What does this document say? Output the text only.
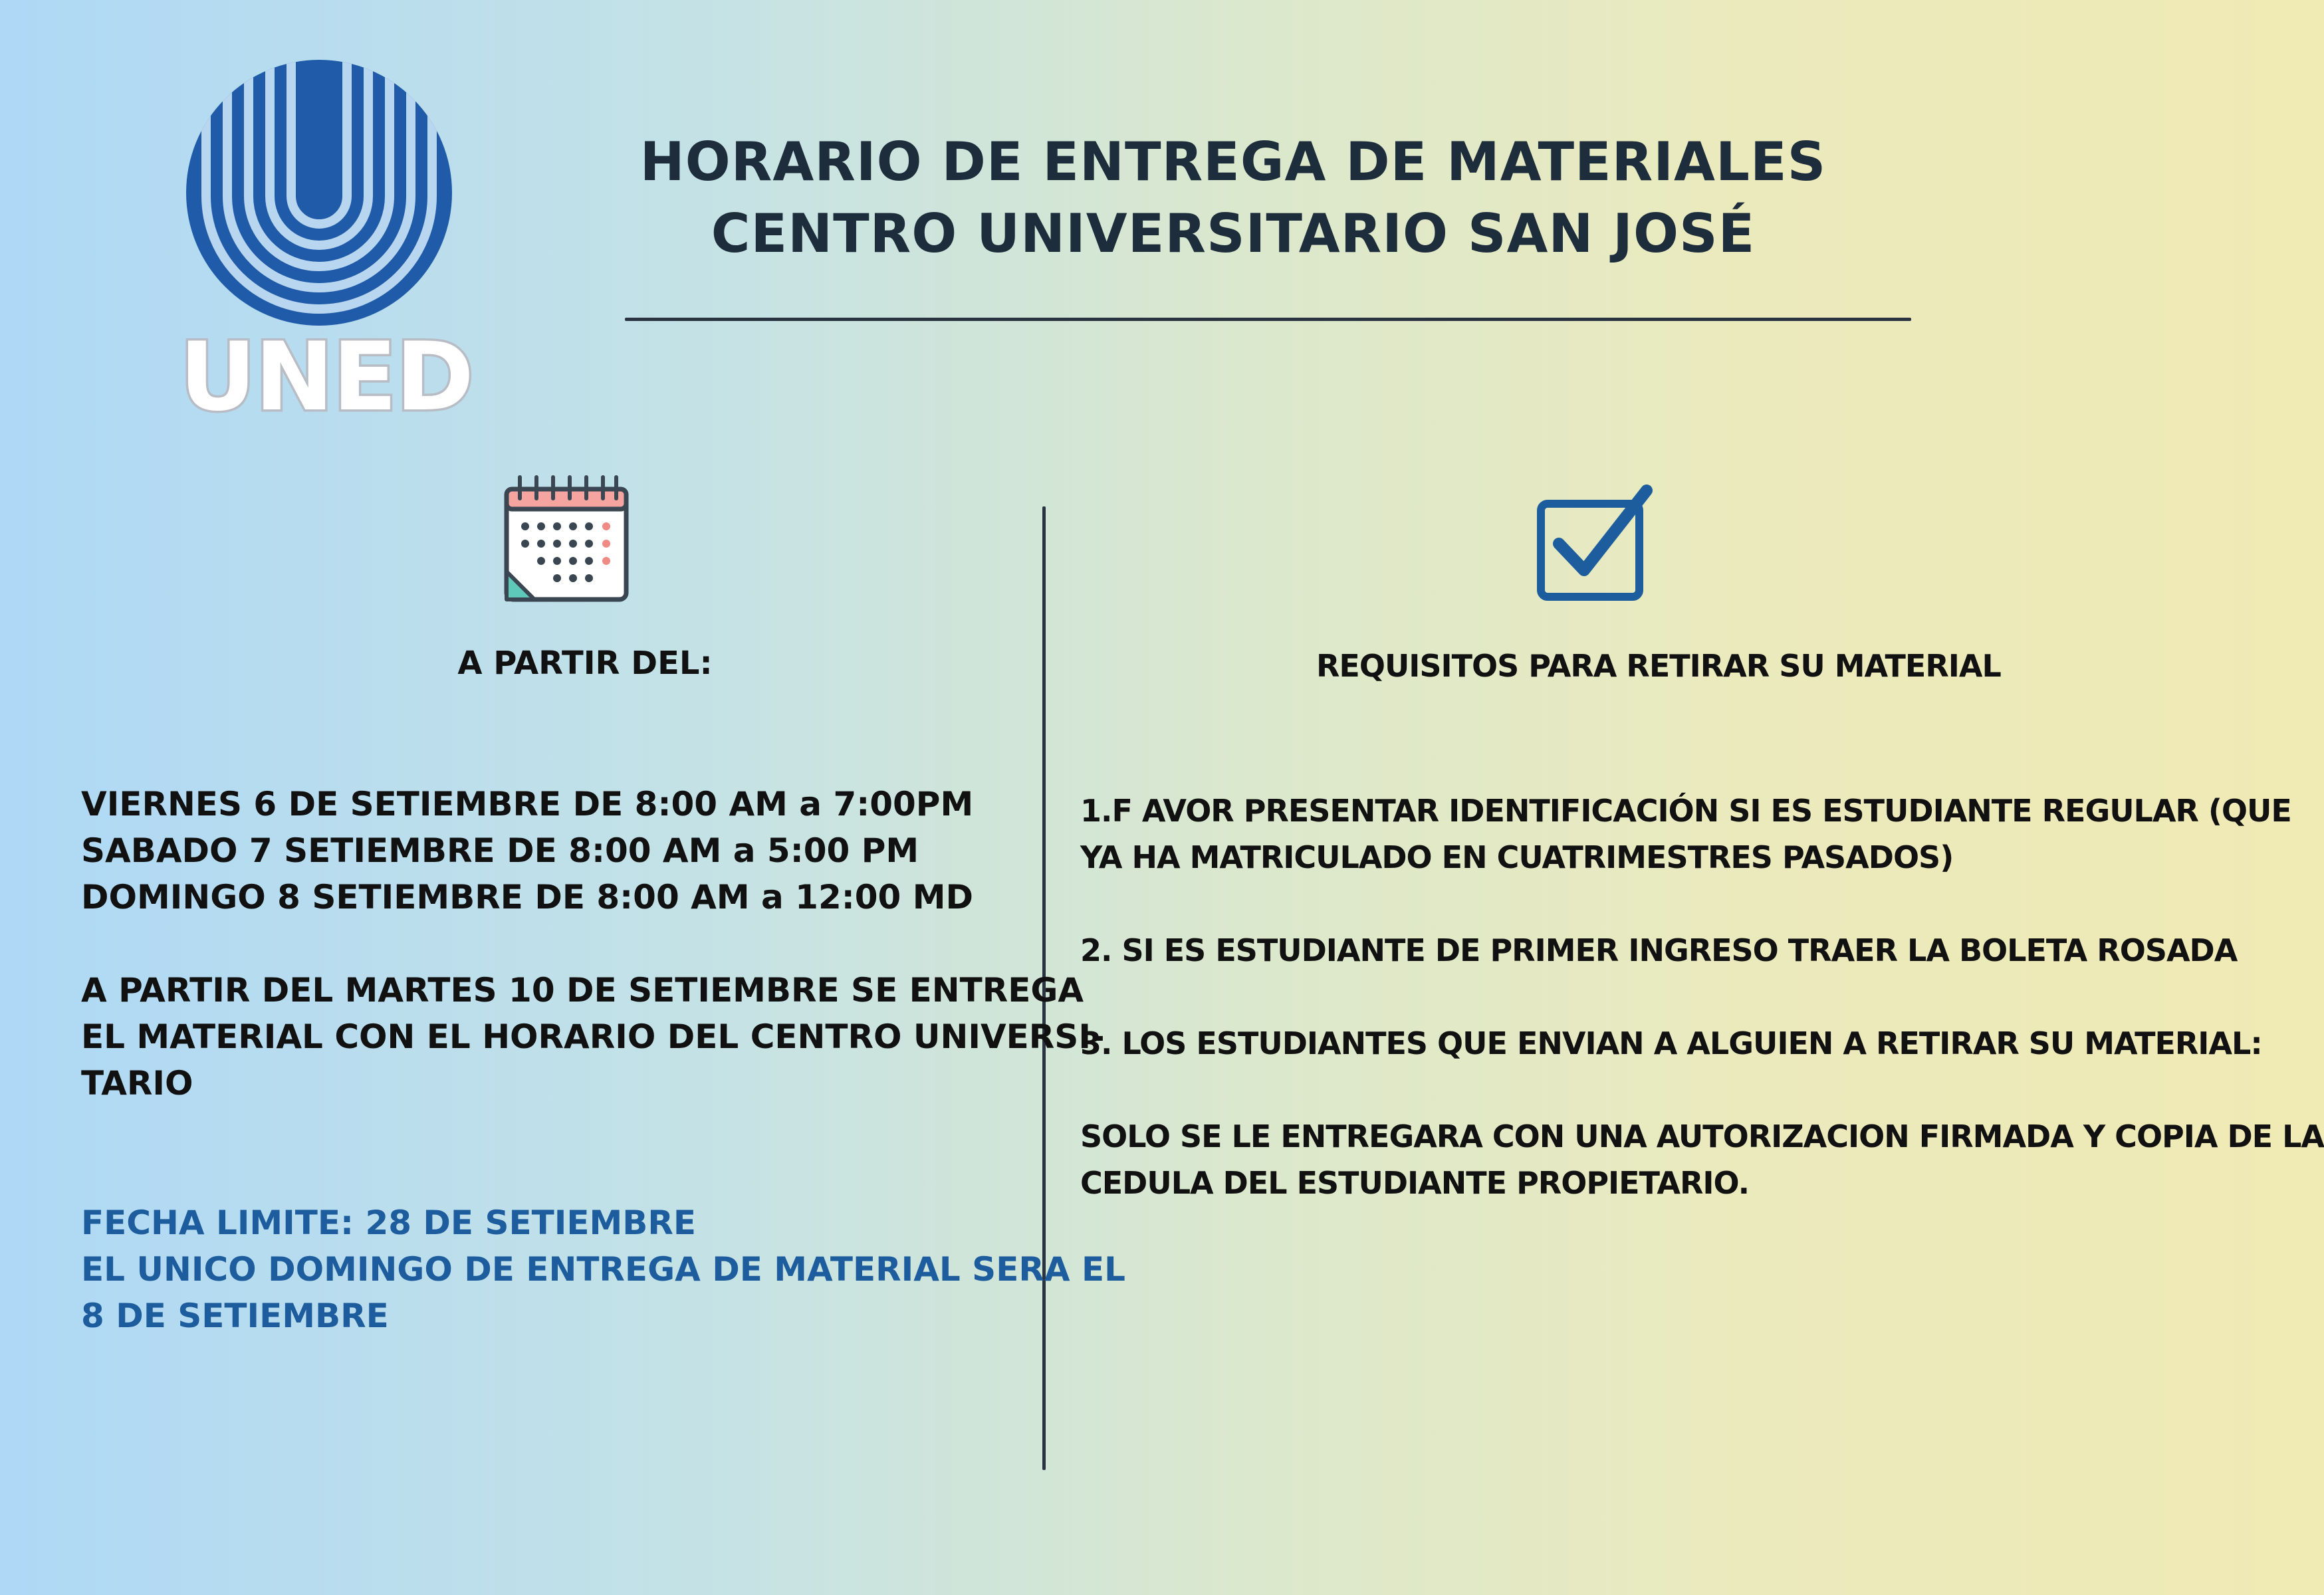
UNED
HORARIO DE ENTREGA DE MATERIALES
CENTRO UNIVERSITARIO SAN JOSÉ
A PARTIR DEL:
VIERNES 6 DE SETIEMBRE DE 8:00 AM a 7:00PM
SABADO 7 SETIEMBRE DE 8:00 AM a 5:00 PM
DOMINGO 8 SETIEMBRE DE 8:00 AM a 12:00 MD
A PARTIR DEL MARTES 10 DE SETIEMBRE SE ENTREGA
EL MATERIAL CON EL HORARIO DEL CENTRO UNIVERSI-
TARIO
FECHA LIMITE: 28 DE SETIEMBRE
EL UNICO DOMINGO DE ENTREGA DE MATERIAL SERA EL
8 DE SETIEMBRE
REQUISITOS PARA RETIRAR SU MATERIAL
1.F AVOR PRESENTAR IDENTIFICACIÓN SI ES ESTUDIANTE REGULAR (QUE
YA HA MATRICULADO EN CUATRIMESTRES PASADOS)
2. SI ES ESTUDIANTE DE PRIMER INGRESO TRAER LA BOLETA ROSADA
3. LOS ESTUDIANTES QUE ENVIAN A ALGUIEN A RETIRAR SU MATERIAL:
SOLO SE LE ENTREGARA CON UNA AUTORIZACION FIRMADA Y COPIA DE LA
CEDULA DEL ESTUDIANTE PROPIETARIO.
